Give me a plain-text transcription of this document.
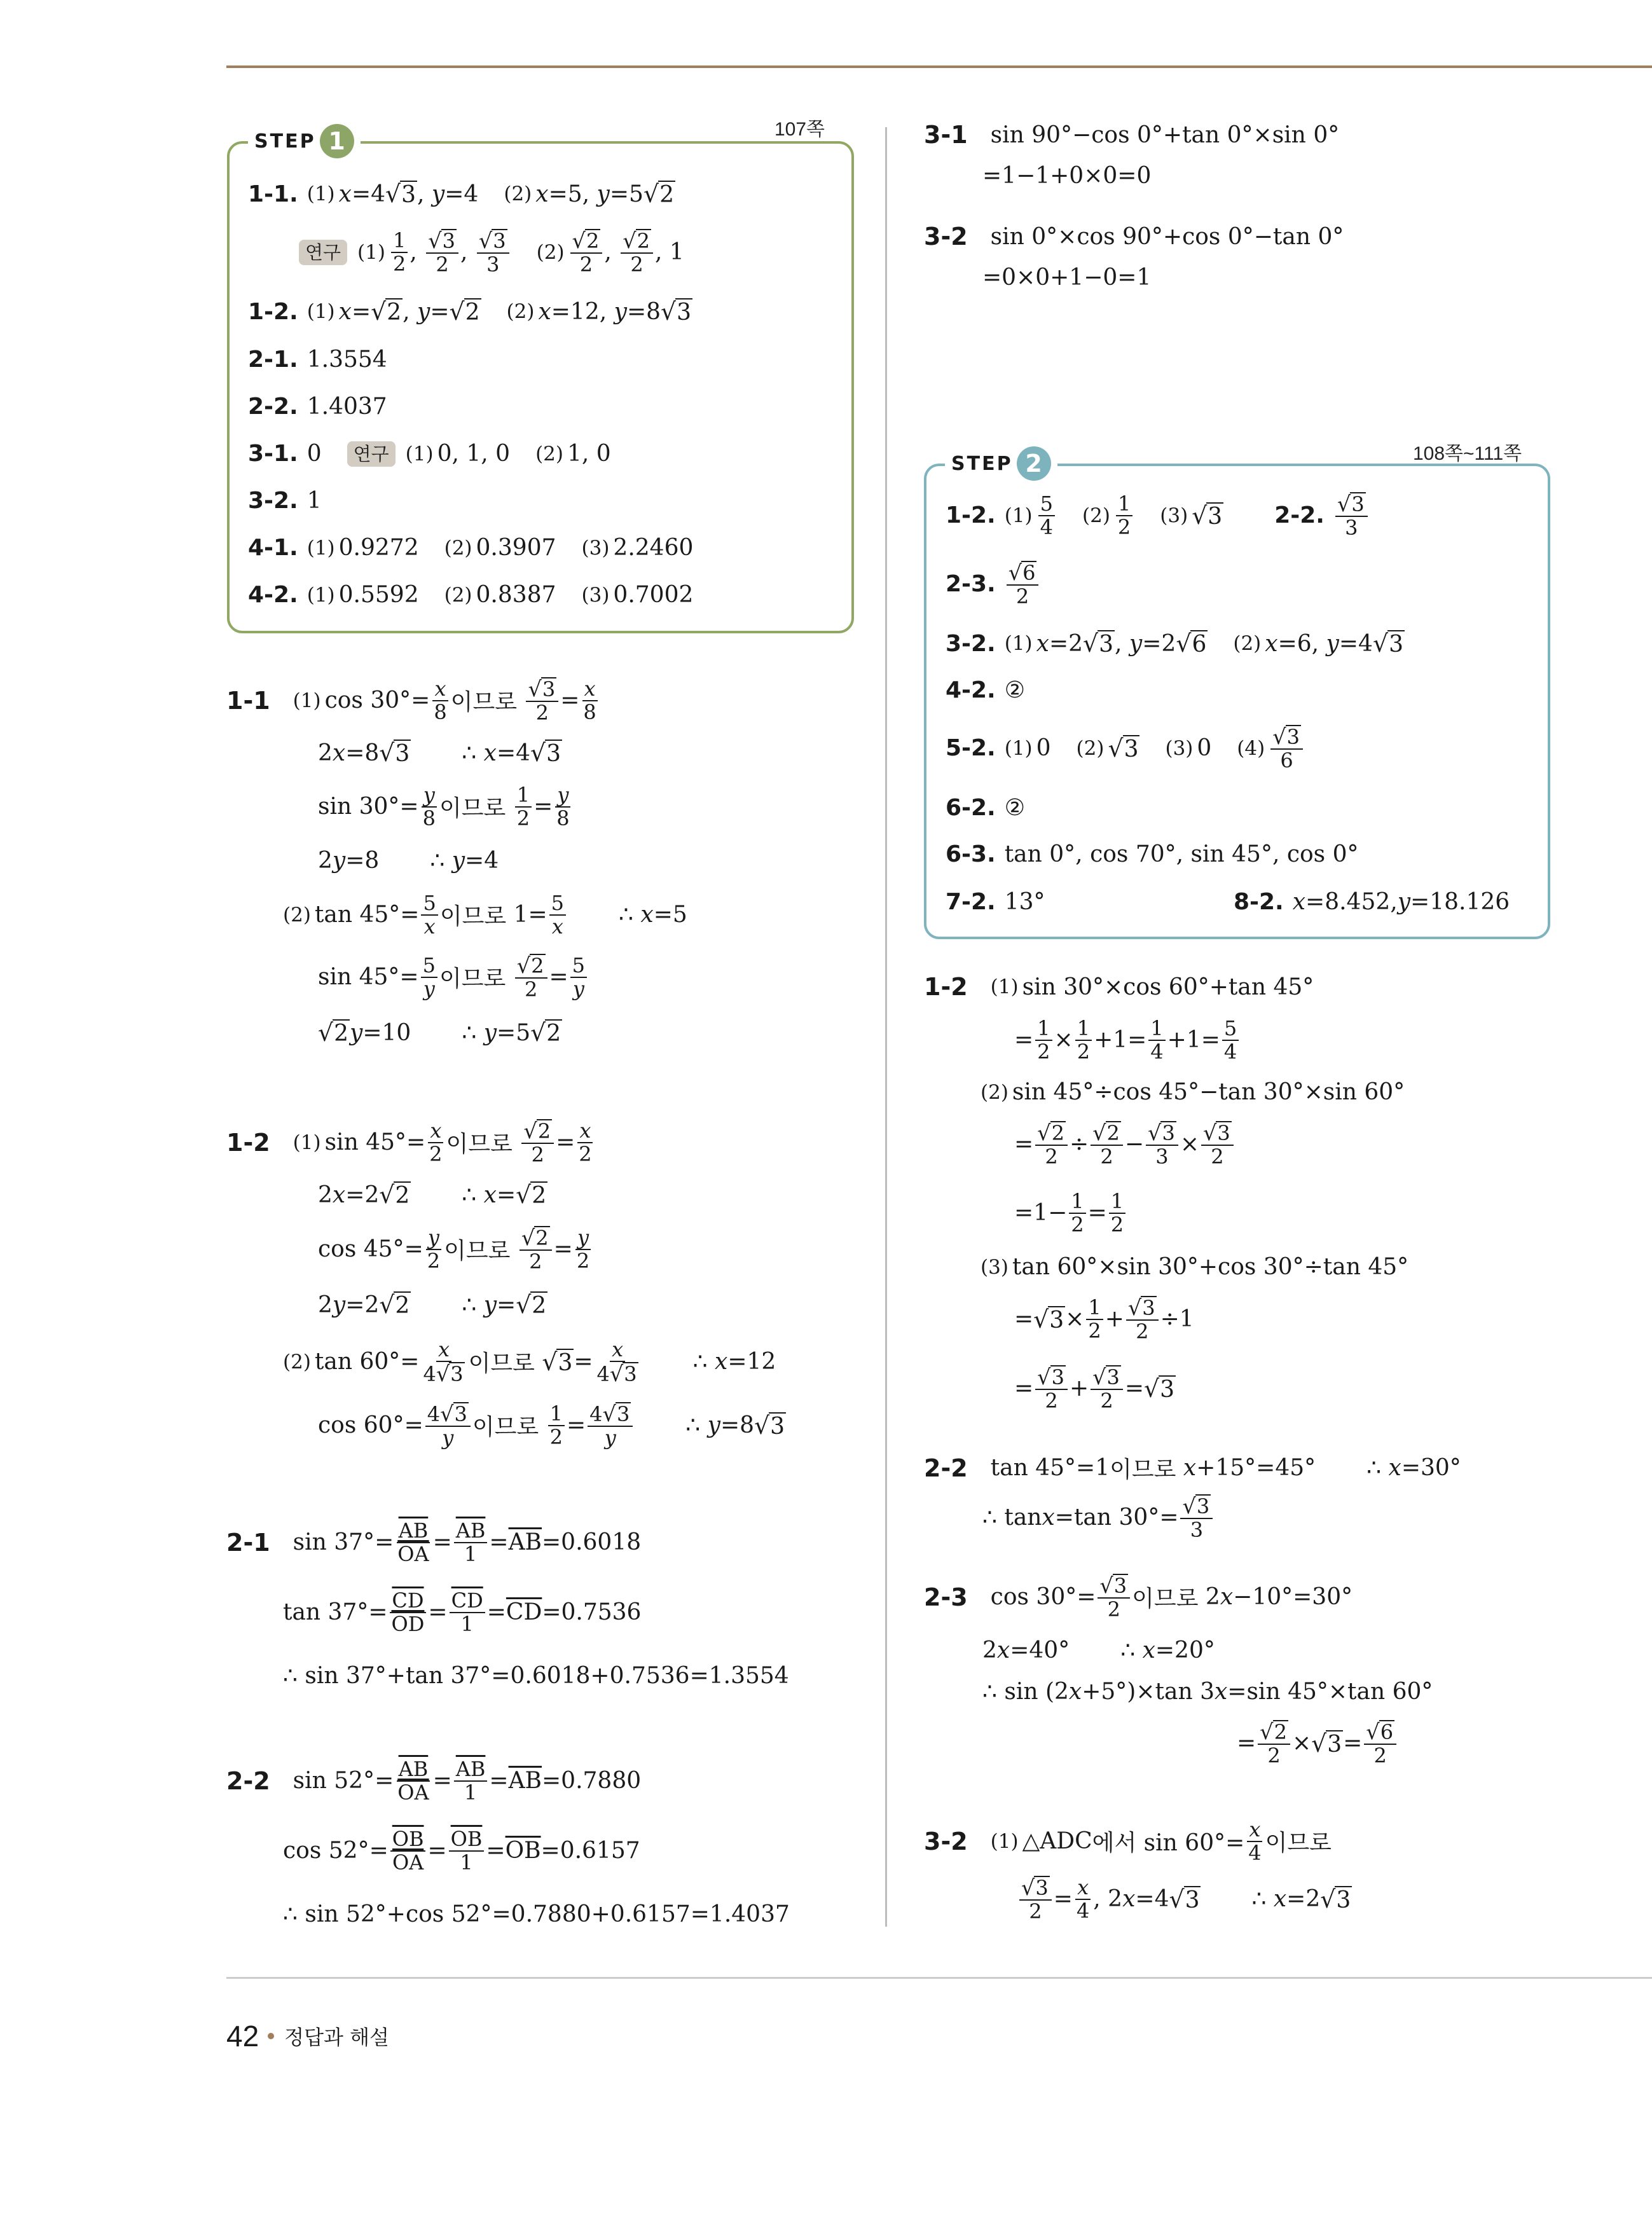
STEP 1	107쪽
1-1. (1) x =4 √ 3 , y =4 (2) x =5, y =5 √ 2
연구 (1) 1
2 , √ 3
2 , √ 3
3
(2) √ 2
2 , √ 2
2 , 1
1-2. (1) x = √ 2 , y = √ 2 (2) x =12, y =8 √ 3
2-1. 1.3554
2-2. 1.4037
3-1. 0	연구 (1) 0, 1, 0 (2) 1, 0
3-2. 1
4-1. (1) 0.9272 (2) 0.3907 (3) 2.2460
4-2. (1) 0.5592 (2) 0.8387 (3) 0.7002
1-1 (1) cos 30°= x
8 이므로

√ 3
2 = x
8
2 x =8 √ 3 ∴
x =4 √ 3
sin 30°= y
8 이므로

1
2 = y
8
2 y =8 ∴
y =4
(2) tan 45°= 5
x 이므로 1= 5
x ∴
x =5
sin 45°= 5
y 이므로

√ 2
2 = 5
y
√ 2 y =10 ∴
y =5 √ 2
1-2 (1) sin 45°= x
2 이므로

√ 2
2 = x
2
2 x =2 √ 2 ∴
x = √ 2
cos 45°= y
2 이므로

√ 2
2 = y
2
2 y =2 √ 2 ∴
y = √ 2
(2) tan 60°= x
4 √ 3 이므로
√ 3 = x
4 √ 3 ∴
x =12
cos 60°= 4 √ 3
y 이므로

1
2 = 4 √ 3
y	∴
y =8 √ 3
2-1 $\sin 37^\circ= \overline{AB}$
$\overline{OA} = \overline{AB}$
$1 = \overline{AB} =0.6018$
$\tan 37^\circ= \overline{CD}$
$\overline{OD} = \overline{CD}$
$1 = \overline{CD} =0.7536$
∴ sin 37°+tan 37°=0.6018+0.7536=1.3554
2-2 $\sin 52^\circ= \overline{AB}$
$\overline{OA} = \overline{AB}$
$1 = \overline{AB} =0.7880$
$\cos 52^\circ= \overline{OB}$
$\overline{OA} = \overline{OB}$
$1 = \overline{OB} =0.6157$
∴ sin 52°+cos 52°=0.7880+0.6157=1.4037
3-1 sin 90°−cos 0°+tan 0°×sin 0°
=1−1+0×0=0
3-2 sin 0°×cos 90°+cos 0°−tan 0°
=0×0+1−0=1
STEP 2	108쪽~111쪽
1-2. (1) 5
4 (2) 1
2 (3) √ 3 2-2. √ 3
3
2-3. √ 6
2
3-2. (1) x =2 √ 3 , y =2 √ 6 (2) x =6, y =4 √ 3
4-2. ②
5-2. (1) 0 (2) √ 3 (3) 0 (4) √ 3
6
6-2. ②
6-3. tan 0°, cos 70°, sin 45°, cos 0°
7-2. 13°	8-2. x =8.452, y =18.126
1-2 (1) sin 30°×cos 60°+tan 45°
= 1
2 × 1
2 +1= 1
4 +1= 5
4
(2) sin 45°÷cos 45°−tan 30°×sin 60°
= √ 2
2 ÷ √ 2
2 − √ 3
3 × √ 3
2
=1− 1
2 = 1
2
(3) tan 60°×sin 30°+cos 30°÷tan 45°
= √ 3 × 1
2 + √ 3
2 ÷1
= √ 3
2 + √ 3
2 = √ 3
2-2 tan 45°=1 이므로
x +15°=45° ∴
x =30°
∴ tan x =tan 30°= √ 3
3
2-3 cos 30°= √ 3
2 이므로 2 x −10°=30°
2 x =40° ∴
x =20°
∴ sin (2 x +5°)×tan 3 x =sin 45°×tan 60°
= √ 2
2 × √ 3 = √ 6
2
3-2 (1) △ADC 에서 $\sin 60^\circ= \frac{x}{4}$ 이므로
√ 3
2 = x
4 , 2 x =4 √ 3 ∴
x =2 √ 3
42 정답과 해설
